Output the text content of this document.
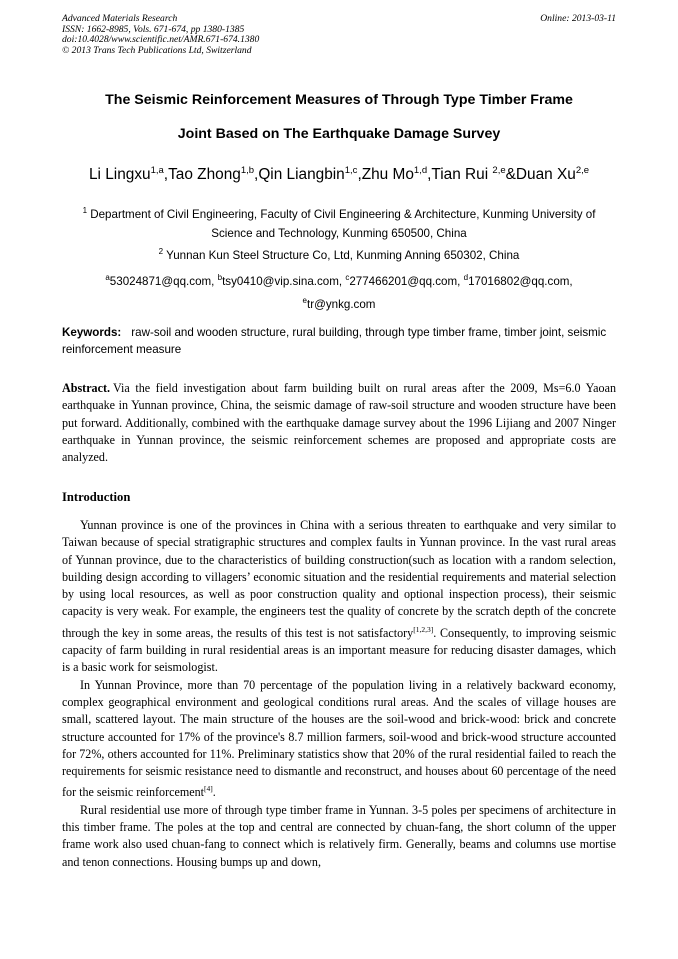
Advanced Materials Research
ISSN: 1662-8985, Vols. 671-674, pp 1380-1385
doi:10.4028/www.scientific.net/AMR.671-674.1380
© 2013 Trans Tech Publications Ltd, Switzerland
Online: 2013-03-11
The Seismic Reinforcement Measures of Through Type Timber Frame
Joint Based on The Earthquake Damage Survey
Li Lingxu$^{1,a}$,Tao Zhong$^{1,b}$,Qin Liangbin$^{1,c}$,Zhu Mo$^{1,d}$,Tian Rui $^{2,e}$&Duan Xu$^{2,e}$
$^1$ Department of Civil Engineering, Faculty of Civil Engineering & Architecture, Kunming University of
Science and Technology, Kunming 650500, China
$^2$ Yunnan Kun Steel Structure Co, Ltd, Kunming Anning 650302, China
$^a$53024871@qq.com, $^b$tsy0410@vip.sina.com, $^c$277466201@qq.com, $^d$17016802@qq.com,
$^e$tr@ynkg.com
Keywords: raw-soil and wooden structure, rural building, through type timber frame, timber joint, seismic reinforcement measure
Abstract. Via the field investigation about farm building built on rural areas after the 2009, Ms=6.0 Yaoan earthquake in Yunnan province, China, the seismic damage of raw-soil structure and wooden structure have been put forward. Additionally, combined with the earthquake damage survey about the 1996 Lijiang and 2007 Ninger earthquake in Yunnan province, the seismic reinforcement schemes are proposed and appropriate costs are analyzed.
Introduction

Yunnan province is one of the provinces in China with a serious threaten to earthquake and very similar to Taiwan because of special stratigraphic structures and complex faults in Yunnan province. In the vast rural areas of Yunnan province, due to the characteristics of building construction(such as location with a random selection, building design according to villagers’ economic situation and the residential requirements and material selection by using local resources, as well as poor construction quality and optional inspection process), their seismic capacity is very weak. For example, the engineers test the quality of concrete by the scratch depth of the concrete through the key in some areas, the results of this test is not satisfactory[1,2,3]. Consequently, to improving seismic capacity of farm building in rural residential areas is an important measure for reducing disaster damages, which is a basic work for seismologist.

In Yunnan Province, more than 70 percentage of the population living in a relatively backward economy, complex geographical environment and geological conditions rural areas. And the scales of village houses are small, scattered layout. The main structure of the houses are the soil-wood and brick-wood: brick and concrete structure accounted for 17% of the province's 8.7 million farmers, soil-wood and brick-wood structure accounted for 72%, others accounted for 11%. Preliminary statistics show that 20% of the rural residential failed to reach the requirements for seismic resistance need to dismantle and reconstruct, and houses about 60 percentage of the need for the seismic reinforcement[4].

Rural residential use more of through type timber frame in Yunnan. 3-5 poles per specimens of architecture in this timber frame. The poles at the top and central are connected by chuan-fang, the short column of the upper frame work also used chuan-fang to connect which is relatively firm. Generally, beams and columns use mortise and tenon connections. Housing bumps up and down,
